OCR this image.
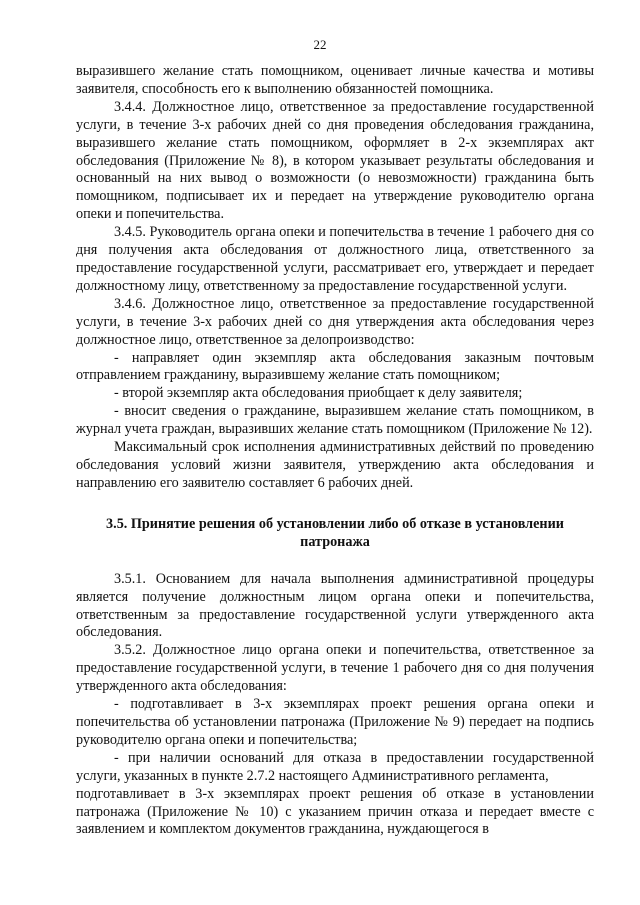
22

выразившего желание стать помощником, оценивает личные качества и мотивы заявителя, способность его к выполнению обязанностей помощника.

3.4.4. Должностное лицо, ответственное за предоставление государственной услуги, в течение 3-х рабочих дней со дня проведения обследования гражданина, выразившего желание стать помощником, оформляет в 2-х экземплярах акт обследования (Приложение № 8), в котором указывает результаты обследования и основанный на них вывод о возможности (о невозможности) гражданина быть помощником, подписывает их и передает на утверждение руководителю органа опеки и попечительства.

3.4.5. Руководитель органа опеки и попечительства в течение 1 рабочего дня со дня получения акта обследования от должностного лица, ответственного за предоставление государственной услуги, рассматривает его, утверждает и передает должностному лицу, ответственному за предоставление государственной услуги.

3.4.6. Должностное лицо, ответственное за предоставление государственной услуги, в течение 3-х рабочих дней со дня утверждения акта обследования через должностное лицо, ответственное за делопроизводство:

- направляет один экземпляр акта обследования заказным почтовым отправлением гражданину, выразившему желание стать помощником;

- второй экземпляр акта обследования приобщает к делу заявителя;

- вносит сведения о гражданине, выразившем желание стать помощником, в журнал учета граждан, выразивших желание стать помощником (Приложение № 12).

Максимальный срок исполнения административных действий по проведению обследования условий жизни заявителя, утверждению акта обследования и направлению его заявителю составляет 6 рабочих дней.

3.5. Принятие решения об установлении либо об отказе в установлении патронажа

3.5.1. Основанием для начала выполнения административной процедуры является получение должностным лицом органа опеки и попечительства, ответственным за предоставление государственной услуги утвержденного акта обследования.

3.5.2. Должностное лицо органа опеки и попечительства, ответственное за предоставление государственной услуги, в течение 1 рабочего дня со дня получения утвержденного акта обследования:

- подготавливает в 3-х экземплярах проект решения органа опеки и попечительства об установлении патронажа (Приложение № 9) передает на подпись руководителю органа опеки и попечительства;

- при наличии оснований для отказа в предоставлении государственной услуги, указанных в пункте 2.7.2 настоящего Административного регламента,

подготавливает в 3-х экземплярах проект решения об отказе в установлении патронажа (Приложение № 10) с указанием причин отказа и передает вместе с заявлением и комплектом документов гражданина, нуждающегося в
